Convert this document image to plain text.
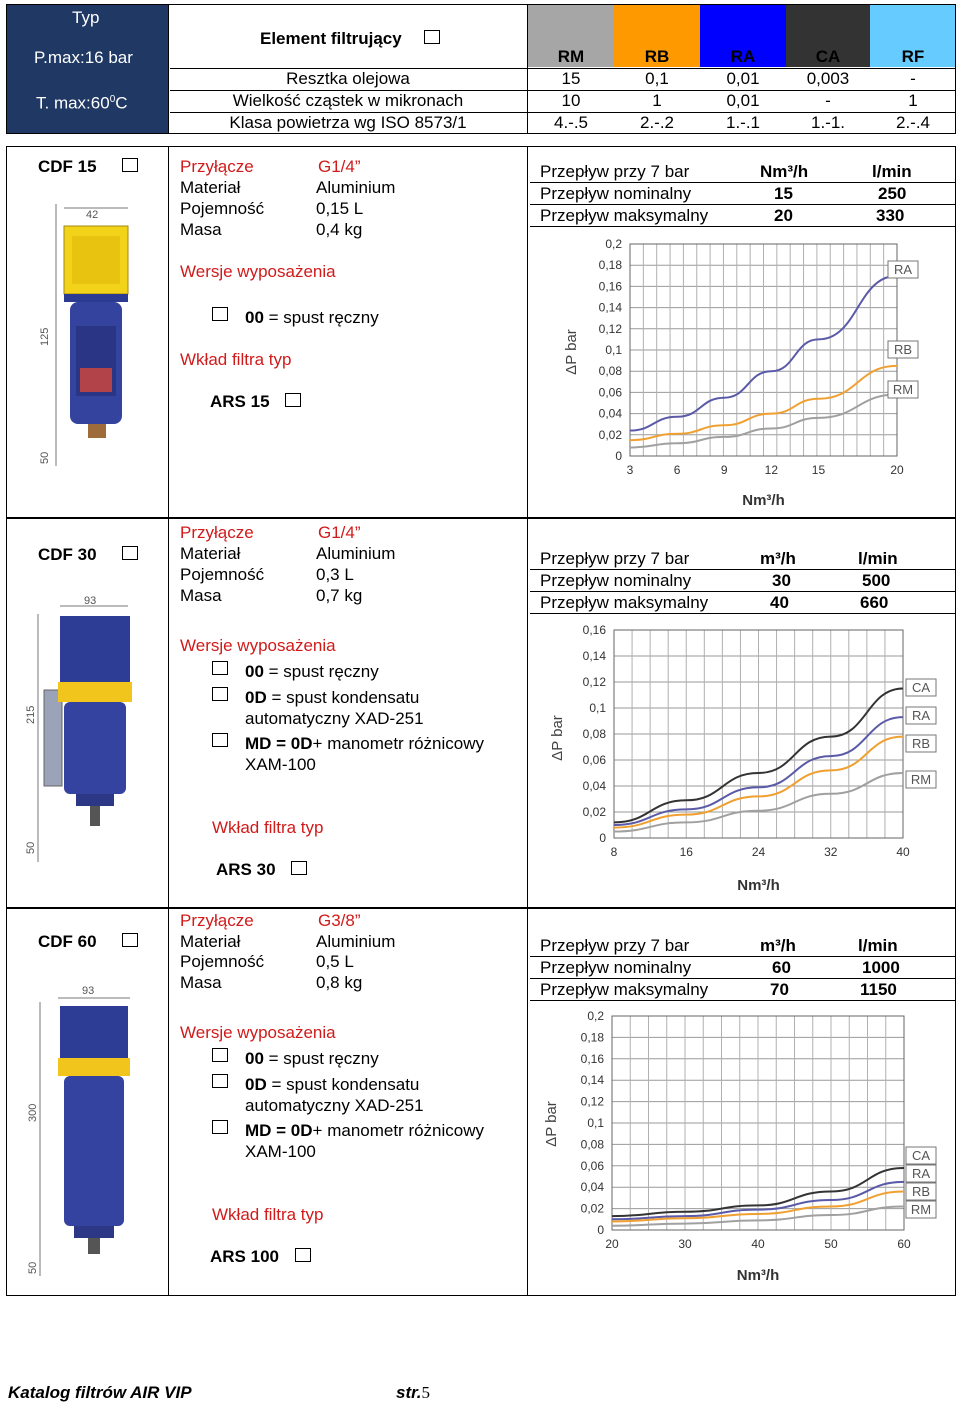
Typ
P.max:16 bar
T. $\max:60^0C$
Element filtrujący
RM	RB	RA	CA	RF
Resztka olejowa	15	0,1	0,01	0,003	-
Wielkość cząstek w mikronach	10	1	0,01	-	1
Klasa powietrza wg ISO 8573/1	4.-.5	2.-.2	1.-.1	1.-1.	2.-.4
CDF 15	Przyłącze	G1/4”
Materiał	Aluminium
Pojemność	0,15 L
Masa	0,4 kg
Wersje wyposażenia
00 = spust ręczny
Wkład filtra typ
ARS 15
Przepływ przy 7 bar	Nm³/h	l/min
Przepływ nominalny	15	250
Przepływ maksymalny	20	330
CDF 30
Przyłącze	G1/4”
Materiał	Aluminium
Pojemność	0,3 L
Masa	0,7 kg
Wersje wyposażenia
00 = spust ręczny
0D = spust kondensatu
automatyczny XAD-251
MD = 0D+ manometr różnicowy
XAM-100
Wkład filtra typ
ARS 30
Przepływ przy 7 bar	m³/h	l/min
Przepływ nominalny	30	500
Przepływ maksymalny	40	660
CDF 60
Przyłącze	G3/8”
Materiał	Aluminium
Pojemność	0,5 L
Masa	0,8 kg
Wersje wyposażenia
00 = spust ręczny
0D = spust kondensatu
automatyczny XAD-251
MD = 0D+ manometr różnicowy
XAM-100
Wkład filtra typ
ARS 100
Przepływ przy 7 bar	m³/h	l/min
Przepływ nominalny	60	1000
Przepływ maksymalny	70	1150
42
125
50
93
215
50
93
300
50
0
0,02
0,04
0,06
0,08
0,1
0,12
0,14
0,16
0,18
0,2
3	6	9	12	15	20
RA
RB
RM
Nm³/h
ΔP bar
0
0,02
0,04
0,06
0,08
0,1
0,12
0,14
0,16
8	16	24	32	40
CA
RA
RB
RM
Nm³/h
ΔP bar
0
0,02
0,04
0,06
0,08
0,1
0,12
0,14
0,16
0,18
0,2
20	30	40	50	60
CA
RA
RB
RM
Nm³/h
ΔP bar
Katalog filtrów AIR VIP	str.5
